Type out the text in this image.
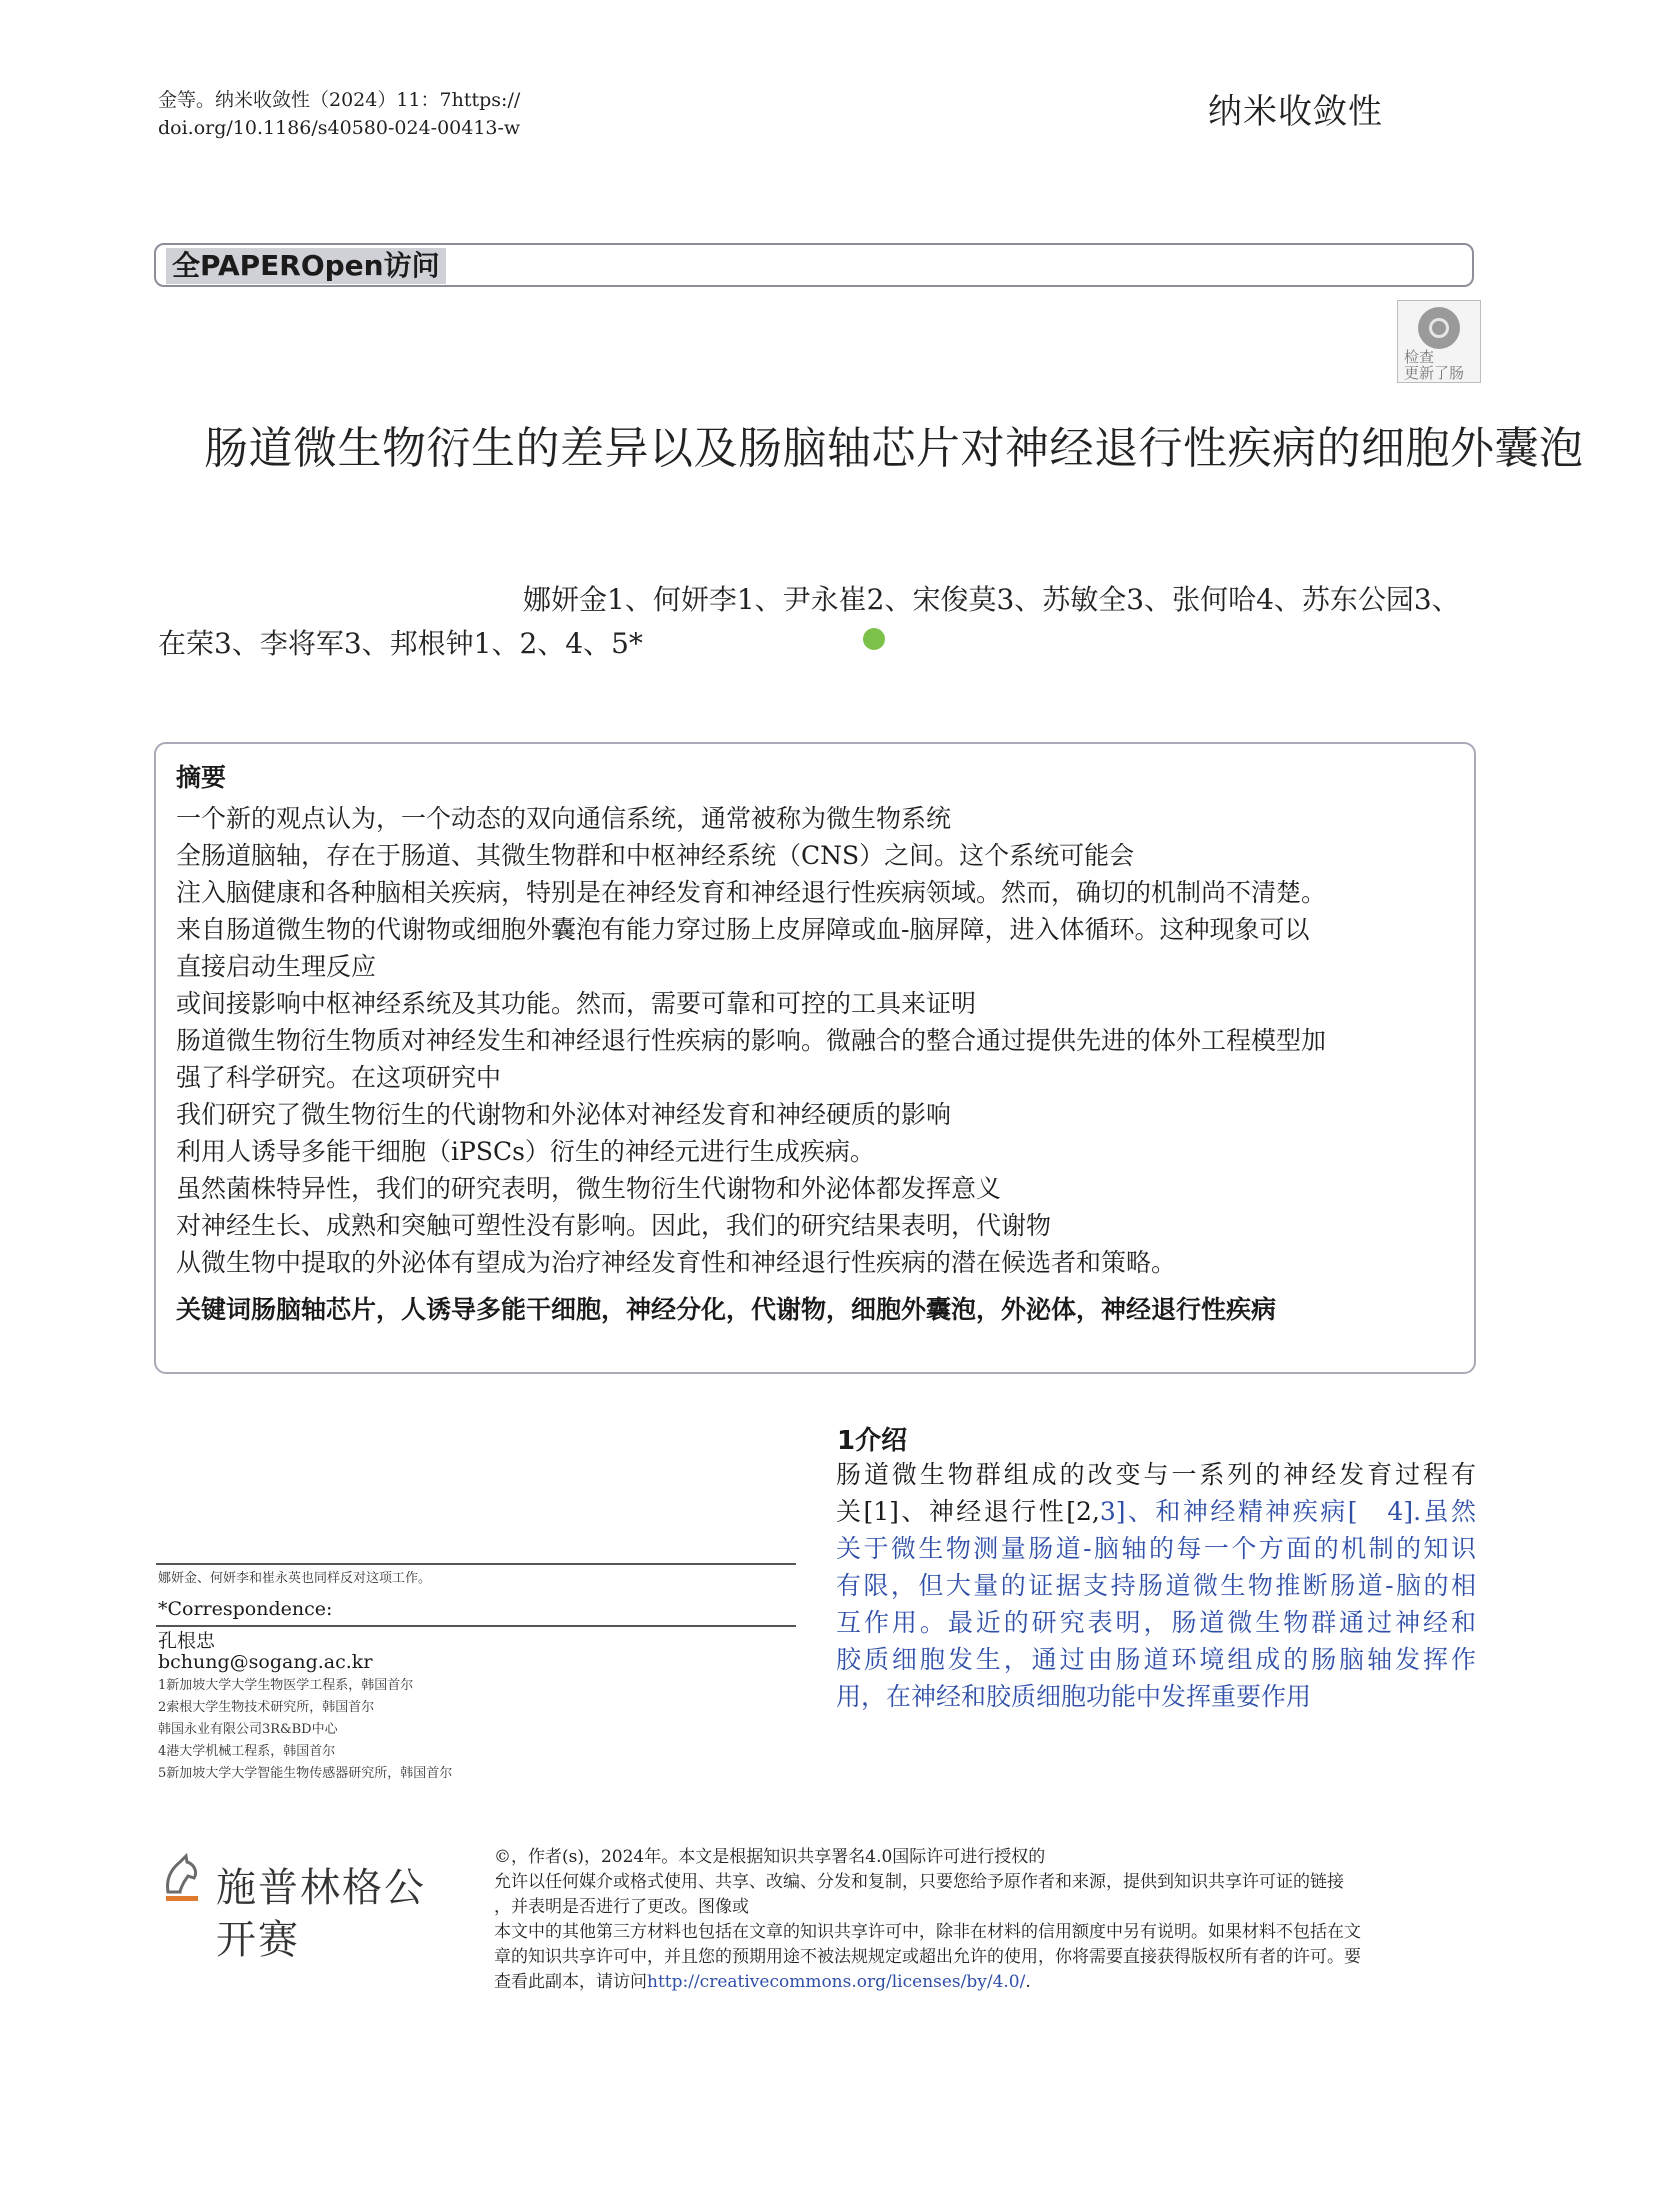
金等。纳米收敛性（2024）11：7https://
doi.org/10.1186/s40580-024-00413-w	纳米收敛性
全PAPEROpen访问
检查
更新了肠
肠道微生物衍生的差异以及肠脑轴芯片对神经退行性疾病的细胞外囊泡
娜妍金1、何妍李1、尹永崔2、宋俊莫3、苏敏全3、张何哈4、苏东公园3、
在荣3、李将军3、邦根钟1、2、4、5*
摘要
一个新的观点认为，一个动态的双向通信系统，通常被称为微生物系统
全肠道脑轴，存在于肠道、其微生物群和中枢神经系统（CNS）之间。这个系统可能会
注入脑健康和各种脑相关疾病，特别是在神经发育和神经退行性疾病领域。然而，确切的机制尚不清楚。
来自肠道微生物的代谢物或细胞外囊泡有能力穿过肠上皮屏障或血-脑屏障，进入体循环。这种现象可以
直接启动生理反应
或间接影响中枢神经系统及其功能。然而，需要可靠和可控的工具来证明
肠道微生物衍生物质对神经发生和神经退行性疾病的影响。微融合的整合通过提供先进的体外工程模型加
强了科学研究。在这项研究中
我们研究了微生物衍生的代谢物和外泌体对神经发育和神经硬质的影响
利用人诱导多能干细胞（iPSCs）衍生的神经元进行生成疾病。
虽然菌株特异性，我们的研究表明，微生物衍生代谢物和外泌体都发挥意义
对神经生长、成熟和突触可塑性没有影响。因此，我们的研究结果表明，代谢物
从微生物中提取的外泌体有望成为治疗神经发育性和神经退行性疾病的潜在候选者和策略。
关键词肠脑轴芯片，人诱导多能干细胞，神经分化，代谢物，细胞外囊泡，外泌体，神经退行性疾病
1介绍
肠道微生物群组成的改变与一系列的神经发育过程有
关[1]、神经退行性[2,3]、和神经精神疾病[　4].虽然
关于微生物测量肠道-脑轴的每一个方面的机制的知识
有限，但大量的证据支持肠道微生物推断肠道-脑的相
互作用。最近的研究表明，肠道微生物群通过神经和
胶质细胞发生，通过由肠道环境组成的肠脑轴发挥作
用，在神经和胶质细胞功能中发挥重要作用
娜妍金、何妍李和崔永英也同样反对这项工作。
*Correspondence:
孔根忠
bchung@sogang.ac.kr
1新加坡大学大学生物医学工程系，韩国首尔
2索根大学生物技术研究所，韩国首尔
韩国永业有限公司3R&BD中心
4港大学机械工程系，韩国首尔
5新加坡大学大学智能生物传感器研究所，韩国首尔
施普林格公开赛
©，作者(s)，2024年。本文是根据知识共享署名4.0国际许可进行授权的
允许以任何媒介或格式使用、共享、改编、分发和复制，只要您给予原作者和来源，提供到知识共享许可证的链接
，并表明是否进行了更改。图像或
本文中的其他第三方材料也包括在文章的知识共享许可中，除非在材料的信用额度中另有说明。如果材料不包括在文
章的知识共享许可中，并且您的预期用途不被法规规定或超出允许的使用，你将需要直接获得版权所有者的许可。要
查看此副本，请访问http://creativecommons.org/licenses/by/4.0/.
